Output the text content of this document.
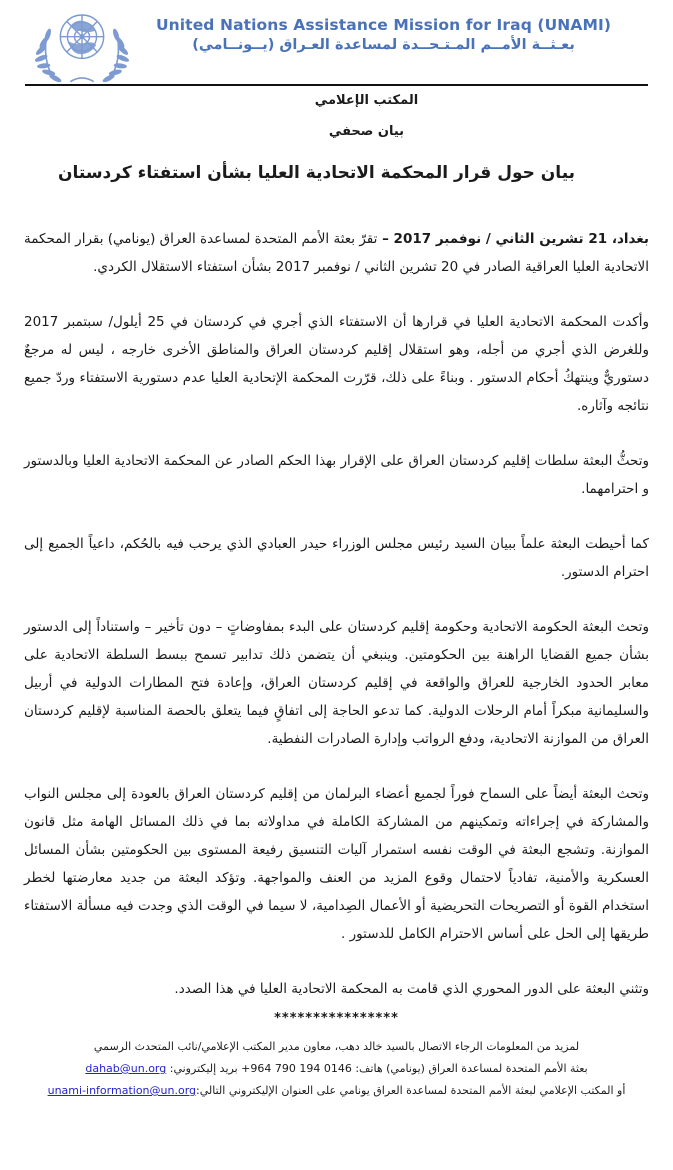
United Nations Assistance Mission for Iraq (UNAMI)
بعـثــة الأمــم المـتـحــدة لمساعدة العـراق (يــونــامي)
المكتب الإعلامي
بيان صحفي
بيان حول قرار المحكمة الاتحادية العليا بشأن استفتاء كردستان

بغداد، 21 تشرين الثاني / نوفمبر 2017 – تقرّ بعثة الأمم المتحدة لمساعدة العراق (يونامي) بقرار المحكمة الاتحادية العليا العراقية الصادر في 20 تشرين الثاني / نوفمبر 2017 بشأن استفتاء الاستقلال الكردي.

وأكدت المحكمة الاتحادية العليا في قرارها أن الاستفتاء الذي أجري في كردستان في 25 أيلول/ سبتمبر 2017 وللغرض الذي أجري من أجله، وهو استقلال إقليم كردستان العراق والمناطق الأخرى خارجه ، ليس له مرجعٌ دستوريٌّ وينتهكُ أحكام الدستور . وبناءً على ذلك، قرّرت المحكمة الإتحادية العليا عدم دستورية الاستفتاء وردّ جميع نتائجه وآثاره.

وتحثُّ البعثة سلطات إقليم كردستان العراق على الإقرار بهذا الحكم الصادر عن المحكمة الاتحادية العليا وبالدستور و احترامهما.

كما أحيطت البعثة علماً ببيان السيد رئيس مجلس الوزراء حيدر العبادي الذي يرحب فيه بالحُكم، داعياً الجميع إلى احترام الدستور.

وتحث البعثة الحكومة الاتحادية وحكومة إقليم كردستان على البدء بمفاوضاتٍ – دون تأخير – واستناداً إلى الدستور بشأن جميع القضايا الراهنة بين الحكومتين. وينبغي أن يتضمن ذلك تدابير تسمح ببسط السلطة الاتحادية على معابر الحدود الخارجية للعراق والواقعة في إقليم كردستان العراق، وإعادة فتح المطارات الدولية في أربيل والسليمانية مبكراً أمام الرحلات الدولية. كما تدعو الحاجة إلى اتفاقٍ فيما يتعلق بالحصة المناسبة لإقليم كردستان العراق من الموازنة الاتحادية، ودفع الرواتب وإدارة الصادرات النفطية.

وتحث البعثة أيضاً على السماح فوراً لجميع أعضاء البرلمان من إقليم كردستان العراق بالعودة إلى مجلس النواب والمشاركة في إجراءاته وتمكينهم من المشاركة الكاملة في مداولاته بما في ذلك المسائل الهامة مثل قانون الموازنة. وتشجع البعثة في الوقت نفسه استمرار آليات التنسيق رفيعة المستوى بين الحكومتين بشأن المسائل العسكرية والأمنية، تفادياً لاحتمال وقوع المزيد من العنف والمواجهة. وتؤكد البعثة من جديد معارضتها لخطر استخدام القوة أو التصريحات التحريضية أو الأعمال الصِدامية، لا سيما في الوقت الذي وجدت فيه مسألة الاستفتاء طريقها إلى الحل على أساس الاحترام الكامل للدستور .

وتثني البعثة على الدور المحوري الذي قامت به المحكمة الاتحادية العليا في هذا الصدد.

****************
لمزيد من المعلومات الرجاء الاتصال بالسيد خالد دهب، معاون مدير المكتب الإعلامي/نائب المتحدث الرسمي
بعثة الأمم المتحدة لمساعدة العراق (يونامي) هاتف: +964 790 194 0146 بريد إليكتروني: dahab@un.org
أو المكتب الإعلامي لبعثة الأمم المتحدة لمساعدة العراق يونامي على العنوان الإليكتروني التالي:unami-information@un.org
